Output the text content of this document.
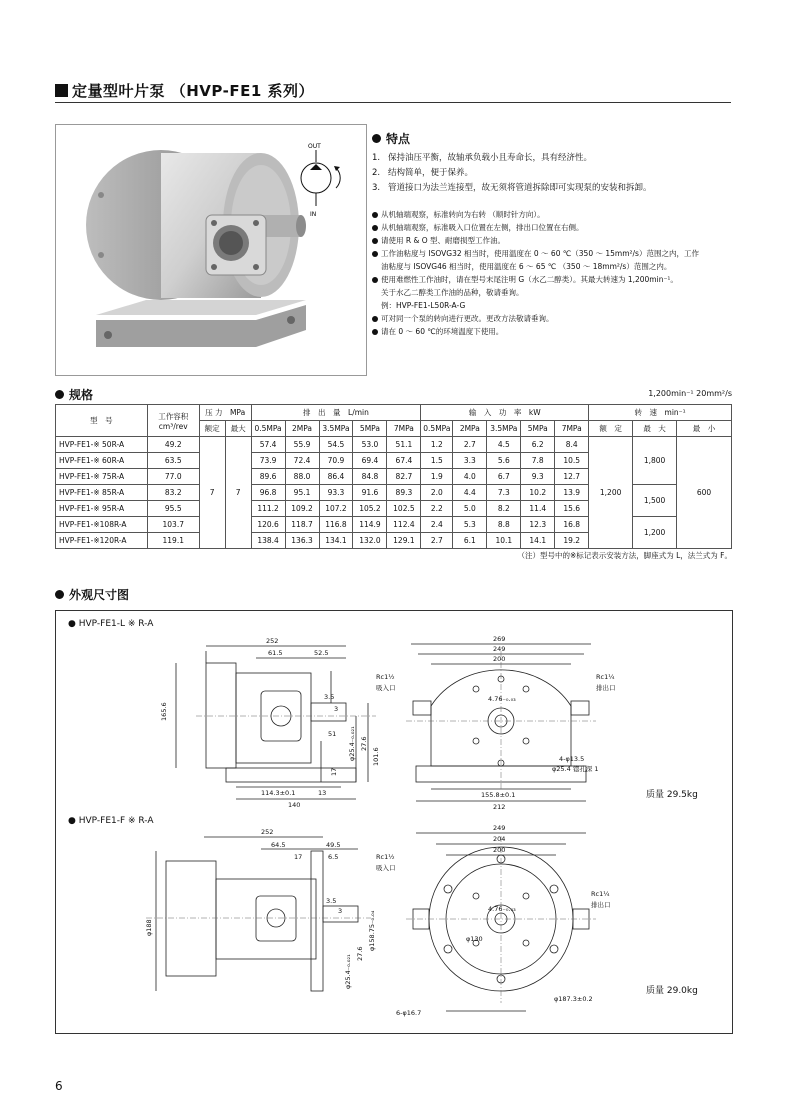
定量型叶片泵 （HVP-FE1 系列）
OUT
IN
特点
1. 保持油压平衡，故轴承负载小且寿命长，具有经济性。
2. 结构简单，便于保养。
3. 管道接口为法兰连接型，故无须将管道拆除即可实现泵的安装和拆卸。
从机轴端观察，标准转向为右转 （顺时针方向）。
从机轴端观察，标准吸入口位置在左侧，排出口位置在右侧。
请使用 R & O 型、耐磨损型工作油。
工作油粘度与 ISOVG32 相当时，使用温度在 0 ～ 60 ℃（350 ～ 15mm²/s）范围之内，工作
油粘度与 ISOVG46 相当时，使用温度在 6 ～ 65 ℃ （350 ～ 18mm²/s）范围之内。
使用难燃性工作油时，请在型号末尾注明 G（水乙二醇类）。其最大转速为 1,200min⁻¹。
关于水乙二醇类工作油的品种，敬请垂询。
例：HVP-FE1-L50R-A-G
可对同一个泵的转向进行更改。更改方法敬请垂询。
请在 0 ～ 60 ℃的环境温度下使用。
规格	1,200min⁻¹ 20mm²/s
型　号	工作容积
cm³/rev	压 力　MPa		排　出　量　L/min					输　入　功　率　kW					转　速　min⁻¹		
		额定	最大	0.5MPa	2MPa	3.5MPa	5MPa	7MPa	0.5MPa	2MPa	3.5MPa	5MPa	7MPa	额　定	最　大	最　小
HVP-FE1-※ 50R-A	49.2	7	7	57.4	55.9	54.5	53.0	51.1	1.2	2.7	4.5	6.2	8.4	1,200	1,800	600
HVP-FE1-※ 60R-A	63.5			73.9	72.4	70.9	69.4	67.4	1.5	3.3	5.6	7.8	10.5			
HVP-FE1-※ 75R-A	77.0			89.6	88.0	86.4	84.8	82.7	1.9	4.0	6.7	9.3	12.7			
HVP-FE1-※ 85R-A	83.2			96.8	95.1	93.3	91.6	89.3	2.0	4.4	7.3	10.2	13.9		1,500	
HVP-FE1-※ 95R-A	95.5			111.2	109.2	107.2	105.2	102.5	2.2	5.0	8.2	11.4	15.6			
HVP-FE1-※108R-A	103.7			120.6	118.7	116.8	114.9	112.4	2.4	5.3	8.8	12.3	16.8		1,200	
HVP-FE1-※120R-A	119.1			138.4	136.3	134.1	132.0	129.1	2.7	6.1	10.1	14.1	19.2			
（注）型号中的※标记表示安装方法，脚座式为 L，法兰式为 F。
外观尺寸图
● HVP-FE1-L ※ R-A
252
61.5	52.5
3.5
3
51
165.6
φ25.4₋₀.₀₂₁ 27.6
101.6
17
114.3±0.1	13
140
269
249
200
4.76₋₀.₀₃
155.8±0.1
212
4-φ13.5
φ25.4 锪孔深 1
Rc1½
吸入口
Rc1¼
排出口
质量 29.5kg
● HVP-FE1-F ※ R-A
252
64.5	49.5
17	6.5
3.5
3
φ188	φ158.75₋₀.₀₄
27.6
φ25.4₋₀.₀₂₁
249
204
200
4.76₋₀.₀₃
φ130
6-φ16.7
φ187.3±0.2
Rc1½
吸入口
Rc1¼
排出口
质量 29.0kg
6
